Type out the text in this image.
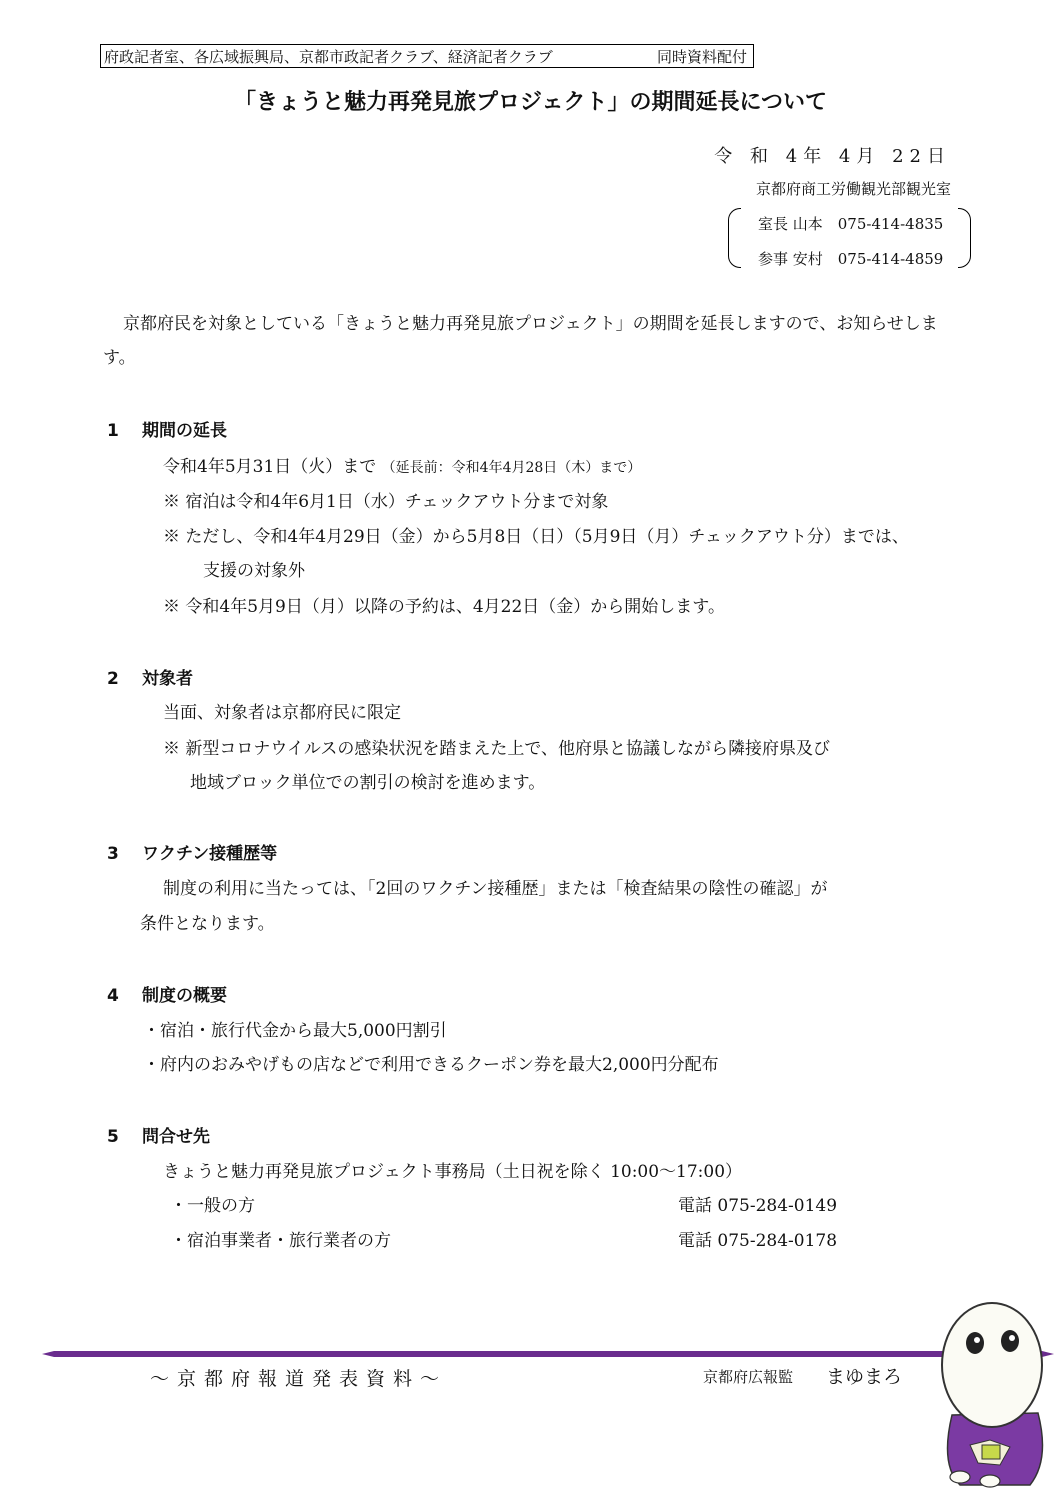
府政記者室、各広域振興局、京都市政記者クラブ、経済記者クラブ	同時資料配付
「きょうと魅力再発見旅プロジェクト」の期間延長について
令 和 4年 4月 22日
京都府商工労働観光部観光室
室長 山本　075-414-4835
参事 安村　075-414-4859
京都府民を対象としている「きょうと魅力再発見旅プロジェクト」の期間を延長しますので、お知らせします。
1 期間の延長
令和4年5月31日（火）まで （延長前：令和4年4月28日（木）まで）
※ 宿泊は令和4年6月1日（水）チェックアウト分まで対象
※ ただし、令和4年4月29日（金）から5月8日（日）（5月9日（月）チェックアウト分）までは、
支援の対象外
※ 令和4年5月9日（月）以降の予約は、4月22日（金）から開始します。
2 対象者
当面、対象者は京都府民に限定
※ 新型コロナウイルスの感染状況を踏まえた上で、他府県と協議しながら隣接府県及び
地域ブロック単位での割引の検討を進めます。
3 ワクチン接種歴等
制度の利用に当たっては、「2回のワクチン接種歴」または「検査結果の陰性の確認」が
条件となります。
4 制度の概要
・宿泊・旅行代金から最大5,000円割引
・府内のおみやげもの店などで利用できるクーポン券を最大2,000円分配布
5 問合せ先
きょうと魅力再発見旅プロジェクト事務局（土日祝を除く 10:00～17:00）
・一般の方	電話 075-284-0149
・宿泊事業者・旅行業者の方	電話 075-284-0178
～京都府報道発表資料～	京都府広報監 まゆまろ
